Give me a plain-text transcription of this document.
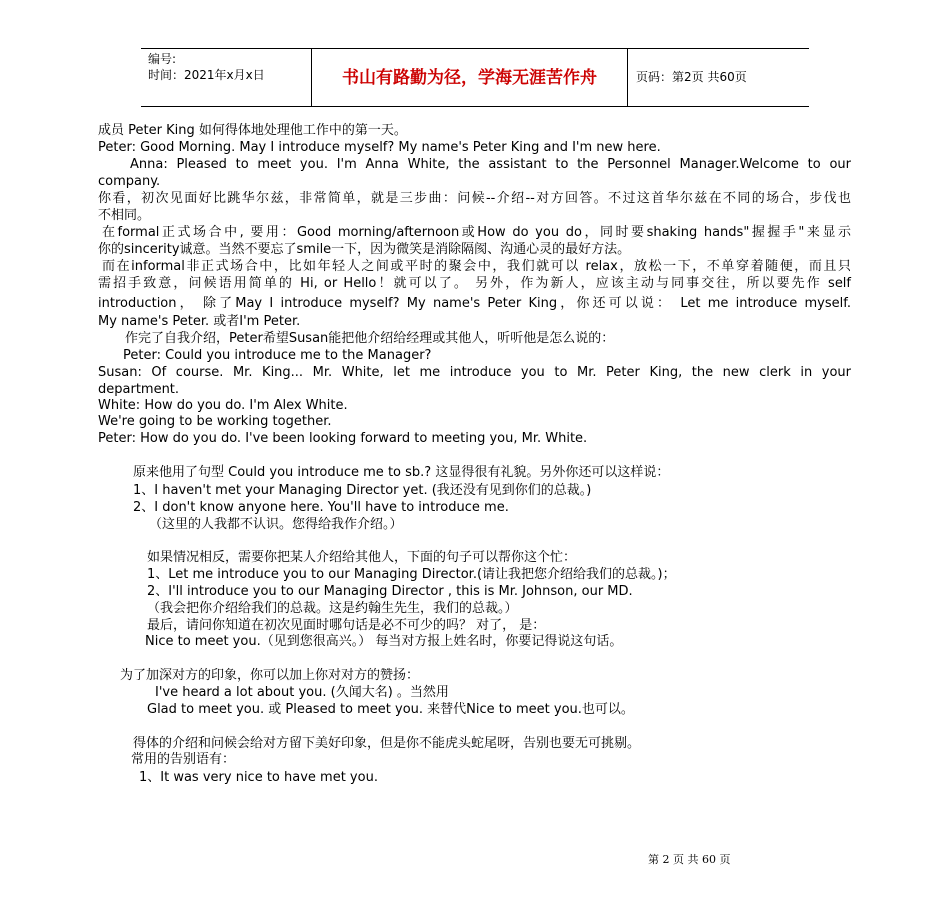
编号:
时间：2021年x月x日	书山有路勤为径，学海无涯苦作舟	页码：第2页 共60页
成员 Peter King 如何得体地处理他工作中的第一天。
Peter: Good Morning. May I introduce myself? My name's Peter King and I'm new here.
Anna: Pleased to meet you. I'm Anna White, the assistant to the Personnel Manager.Welcome to our
company.
你看，初次见面好比跳华尔兹，非常简单，就是三步曲：问候--介绍--对方回答。不过这首华尔兹在不同的场合，步伐也
不相同。
在formal正式场合中, 要用：Good morning/afternoon或How do you do，同时要shaking hands"握握手"来显示
你的sincerity诚意。当然不要忘了smile一下，因为微笑是消除隔阂、沟通心灵的最好方法。
而在informal非正式场合中，比如年轻人之间或平时的聚会中，我们就可以 relax，放松一下，不单穿着随便，而且只
需招手致意，问候语用简单的 Hi, or Hello！就可以了。 另外，作为新人，应该主动与同事交往，所以要先作 self
introduction， 除了May I introduce myself? My name's Peter King，你还可以说： Let me introduce myself.
My name's Peter. 或者I'm Peter.
作完了自我介绍，Peter希望Susan能把他介绍给经理或其他人，听听他是怎么说的：
Peter: Could you introduce me to the Manager?
Susan: Of course. Mr. King... Mr. White, let me introduce you to Mr. Peter King, the new clerk in your
department.
White: How do you do. I'm Alex White.
We're going to be working together.
Peter: How do you do. I've been looking forward to meeting you, Mr. White.
原来他用了句型 Could you introduce me to sb.? 这显得很有礼貌。另外你还可以这样说：
1、I haven't met your Managing Director yet. (我还没有见到你们的总裁。)
2、I don't know anyone here. You'll have to introduce me.
（这里的人我都不认识。您得给我作介绍。）
如果情况相反，需要你把某人介绍给其他人，下面的句子可以帮你这个忙：
1、Let me introduce you to our Managing Director.(请让我把您介绍给我们的总裁。)；
2、I'll introduce you to our Managing Director , this is Mr. Johnson, our MD.
（我会把你介绍给我们的总裁。这是约翰生先生，我们的总裁。）
最后，请问你知道在初次见面时哪句话是必不可少的吗？ 对了， 是：
Nice to meet you.（见到您很高兴。） 每当对方报上姓名时，你要记得说这句话。
为了加深对方的印象，你可以加上你对对方的赞扬：
I've heard a lot about you. (久闻大名) 。当然用
Glad to meet you. 或 Pleased to meet you. 来替代Nice to meet you.也可以。
得体的介绍和问候会给对方留下美好印象，但是你不能虎头蛇尾呀，告别也要无可挑剔。
常用的告别语有：
1、It was very nice to have met you.
第 2 页 共 60 页
